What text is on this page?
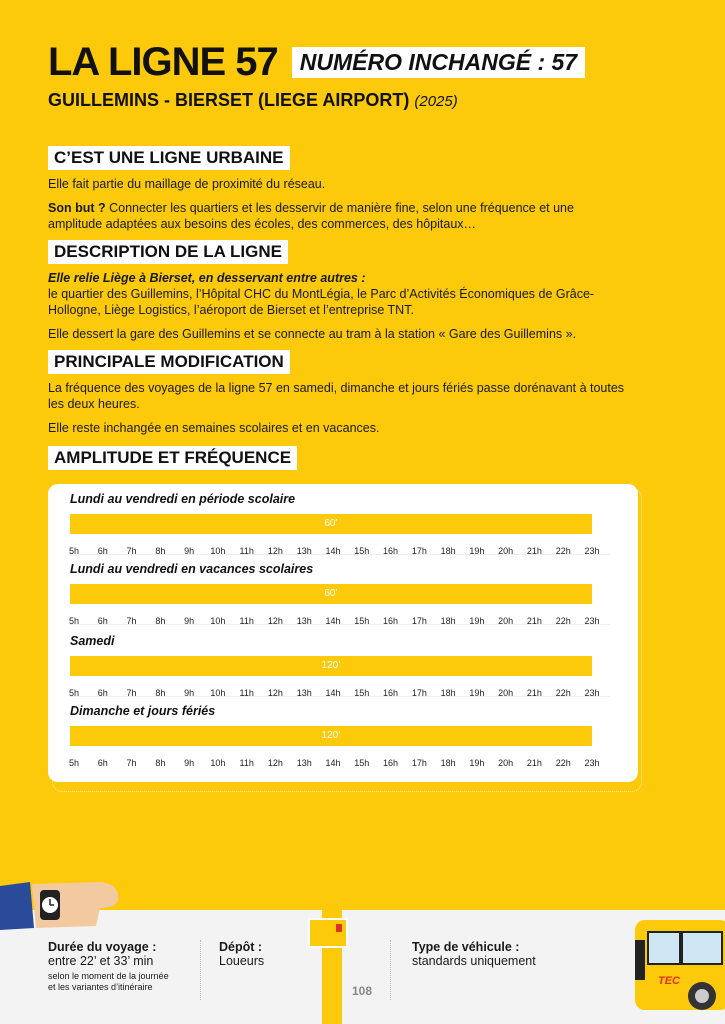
LA LIGNE 57 NUMÉRO INCHANGÉ : 57
GUILLEMINS - BIERSET (LIEGE AIRPORT) (2025)
C’EST UNE LIGNE URBAINE

Elle fait partie du maillage de proximité du réseau.

Son but ? Connecter les quartiers et les desservir de manière fine, selon une fréquence et une amplitude adaptées aux besoins des écoles, des commerces, des hôpitaux…

DESCRIPTION DE LA LIGNE

Elle relie Liège à Bierset, en desservant entre autres :
le quartier des Guillemins, l’Hôpital CHC du MontLégia, le Parc d’Activités Économiques de Grâce-Hollogne, Liège Logistics, l’aéroport de Bierset et l’entreprise TNT.

Elle dessert la gare des Guillemins et se connecte au tram à la station « Gare des Guillemins ».

PRINCIPALE MODIFICATION

La fréquence des voyages de la ligne 57 en samedi, dimanche et jours fériés passe dorénavant à toutes les deux heures.

Elle reste inchangée en semaines scolaires et en vacances.

AMPLITUDE ET FRÉQUENCE
Lundi au vendredi en période scolaire
60’
5h 6h 7h 8h 9h 10h 11h 12h 13h 14h 15h 16h 17h 18h 19h 20h 21h 22h 23h
Lundi au vendredi en vacances scolaires
60’
5h 6h 7h 8h 9h 10h 11h 12h 13h 14h 15h 16h 17h 18h 19h 20h 21h 22h 23h
Samedi
120’
5h 6h 7h 8h 9h 10h 11h 12h 13h 14h 15h 16h 17h 18h 19h 20h 21h 22h 23h
Dimanche et jours fériés
120’
5h 6h 7h 8h 9h 10h 11h 12h 13h 14h 15h 16h 17h 18h 19h 20h 21h 22h 23h
Durée du voyage :
entre 22’ et 33’ min
selon le moment de la journée
et les variantes d’itinéraire
Dépôt :
Loueurs
Type de véhicule :
standards uniquement
108
TEC
